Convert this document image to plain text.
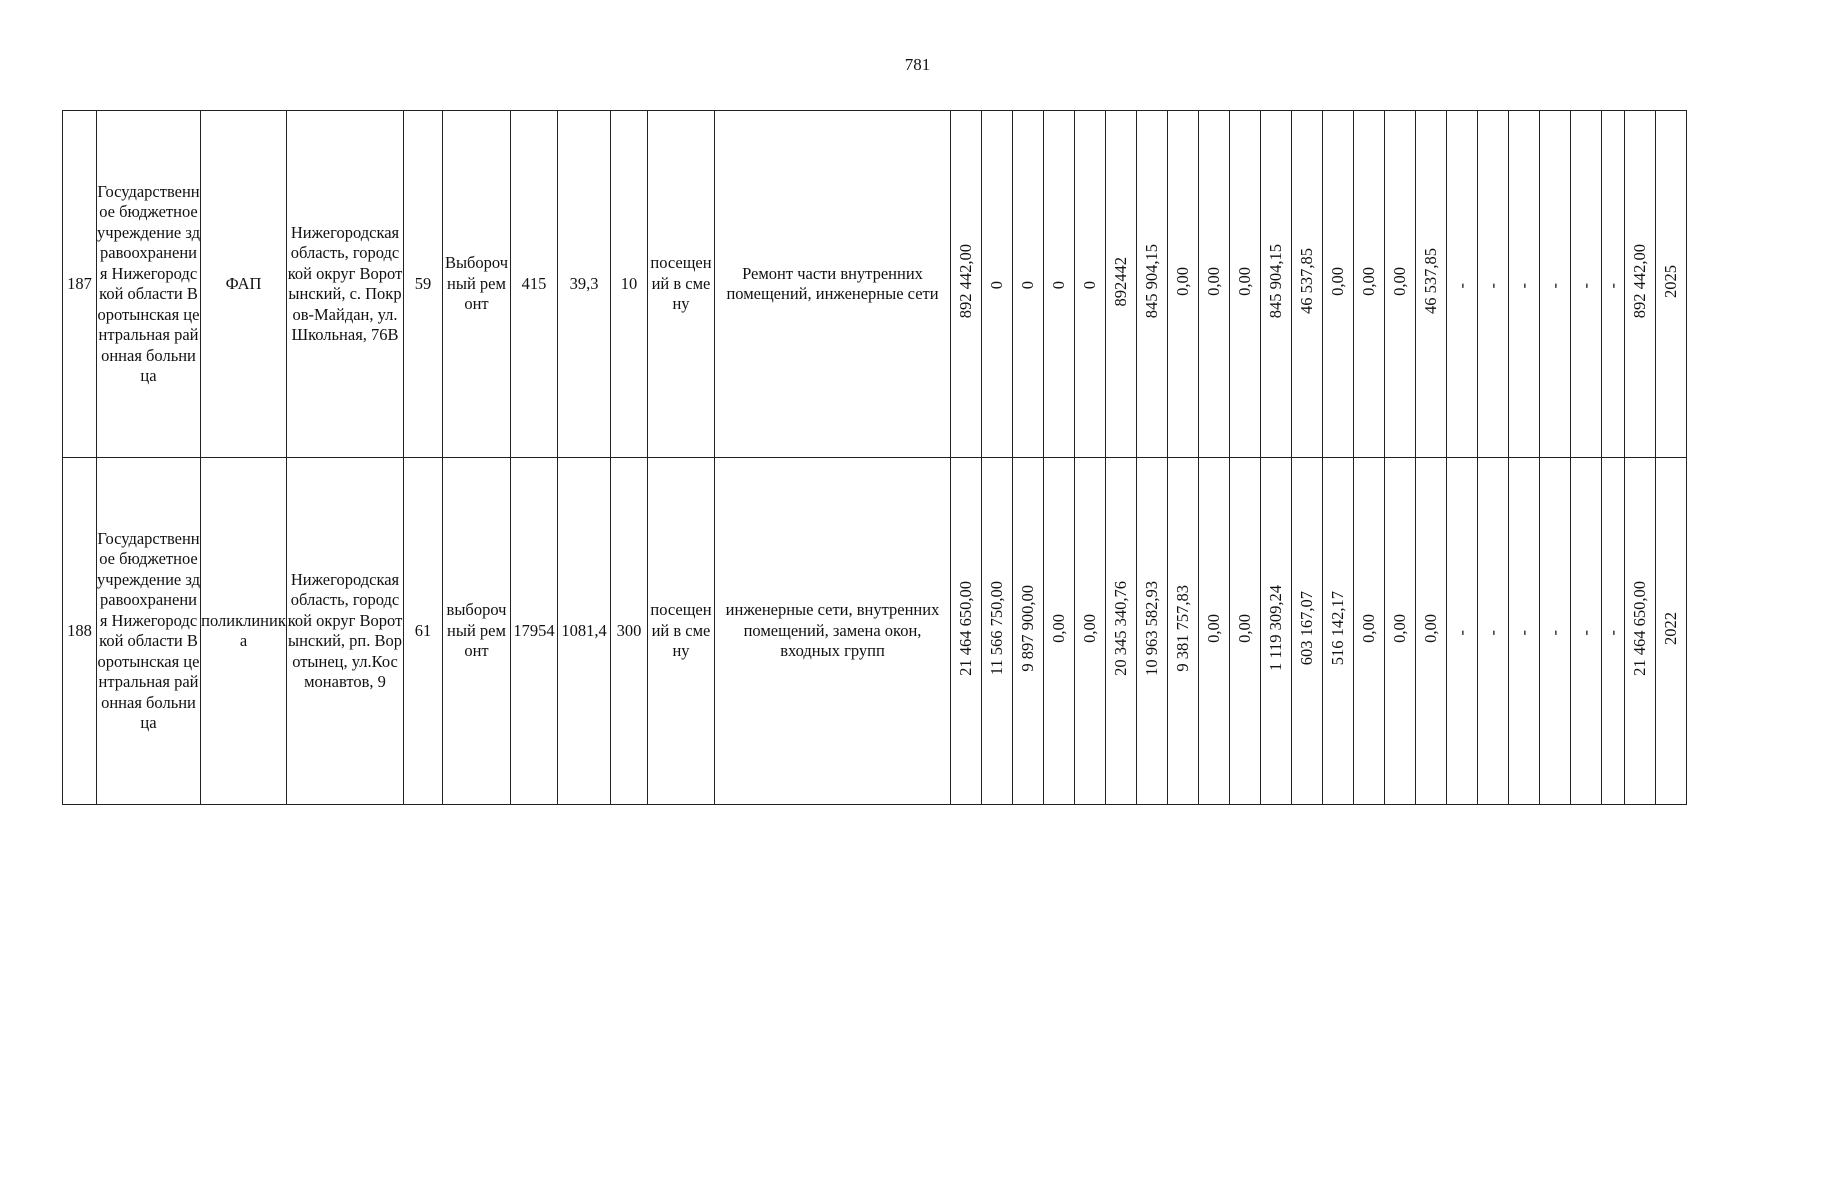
781
187	Государственное бюджетное учреждение здравоохранения Нижегородской области Воротынская центральная районная больница	ФАП	Нижегородская область, городской округ Воротынский, с. Покров-Майдан, ул.Школьная, 76В	59	Выборочный ремонт	415	39,3	10	посещений в смену	Ремонт части внутренних помещений, инженерные сети	892 442,00	0	0	0	0	892442	845 904,15	0,00	0,00	0,00	845 904,15	46 537,85	0,00	0,00	0,00	46 537,85	-	-	-	-	-	-	892 442,00	2025

188	Государственное бюджетное учреждение здравоохранения Нижегородской области Воротынская центральная районная больница	поликлиника	Нижегородская область, городской округ Воротынский, рп. Воротынец, ул.Космонавтов, 9	61	выборочный ремонт	17954	1081,4	300	посещений в смену	инженерные сети, внутренних помещений, замена окон, входных групп	21 464 650,00	11 566 750,00	9 897 900,00	0,00	0,00	20 345 340,76	10 963 582,93	9 381 757,83	0,00	0,00	1 119 309,24	603 167,07	516 142,17	0,00	0,00	0,00	-	-	-	-	-	-	21 464 650,00	2022
